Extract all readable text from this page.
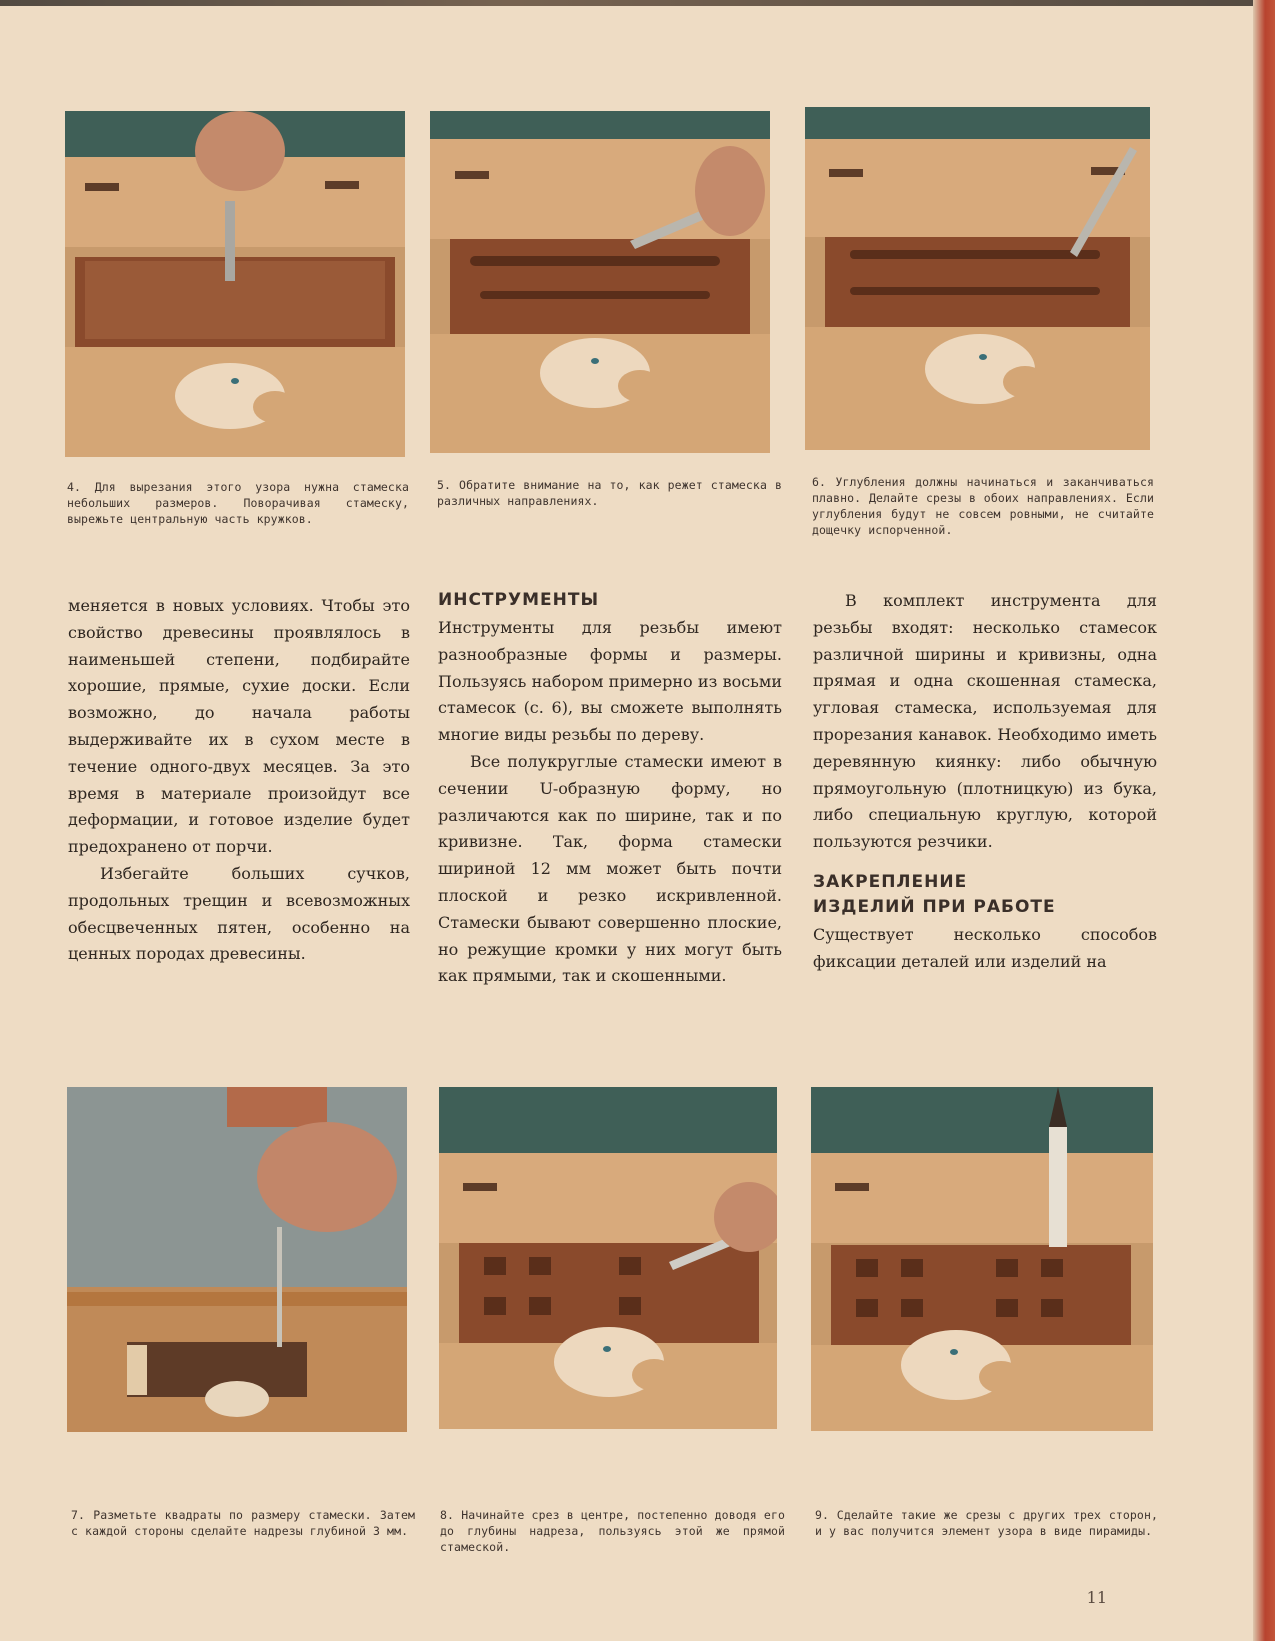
4. Для вырезания этого узора нужна стамеска небольших размеров. Поворачивая стамеску, вырежьте центральную часть кружков.
5. Обратите внимание на то, как режет стамеска в различных направлениях.
6. Углубления должны начинаться и заканчиваться плавно. Делайте срезы в обоих направлениях. Если углубления будут не совсем ровными, не считайте дощечку испорченной.

меняется в новых условиях. Чтобы это свойство древесины проявлялось в наименьшей степени, подбирайте хорошие, прямые, сухие доски. Если возможно, до начала работы выдерживайте их в сухом месте в течение одного-двух месяцев. За это время в материале произойдут все деформации, и готовое изделие будет предохранено от порчи.

Избегайте больших сучков, продольных трещин и всевозможных обесцвеченных пятен, особенно на ценных породах древесины.

ИНСТРУМЕНТЫ

Инструменты для резьбы имеют разнообразные формы и размеры. Пользуясь набором примерно из восьми стамесок (с. 6), вы сможете выполнять многие виды резьбы по дереву.

Все полукруглые стамески имеют в сечении U-образную форму, но различаются как по ширине, так и по кривизне. Так, форма стамески шириной 12 мм может быть почти плоской и резко искривленной. Стамески бывают совершенно плоские, но режущие кромки у них могут быть как прямыми, так и скошенными.

В комплект инструмента для резьбы входят: несколько стамесок различной ширины и кривизны, одна прямая и одна скошенная стамеска, угловая стамеска, используемая для прорезания канавок. Необходимо иметь деревянную киянку: либо обычную прямоугольную (плотницкую) из бука, либо специальную круглую, которой пользуются резчики.

ЗАКРЕПЛЕНИЕ
ИЗДЕЛИЙ ПРИ РАБОТЕ

Существует несколько способов фиксации деталей или изделий на

7. Разметьте квадраты по размеру стамески. Затем с каждой стороны сделайте надрезы глубиной 3 мм.
8. Начинайте срез в центре, постепенно доводя его до глубины надреза, пользуясь этой же прямой стамеской.
9. Сделайте такие же срезы с других трех сторон, и у вас получится элемент узора в виде пирамиды.
11
